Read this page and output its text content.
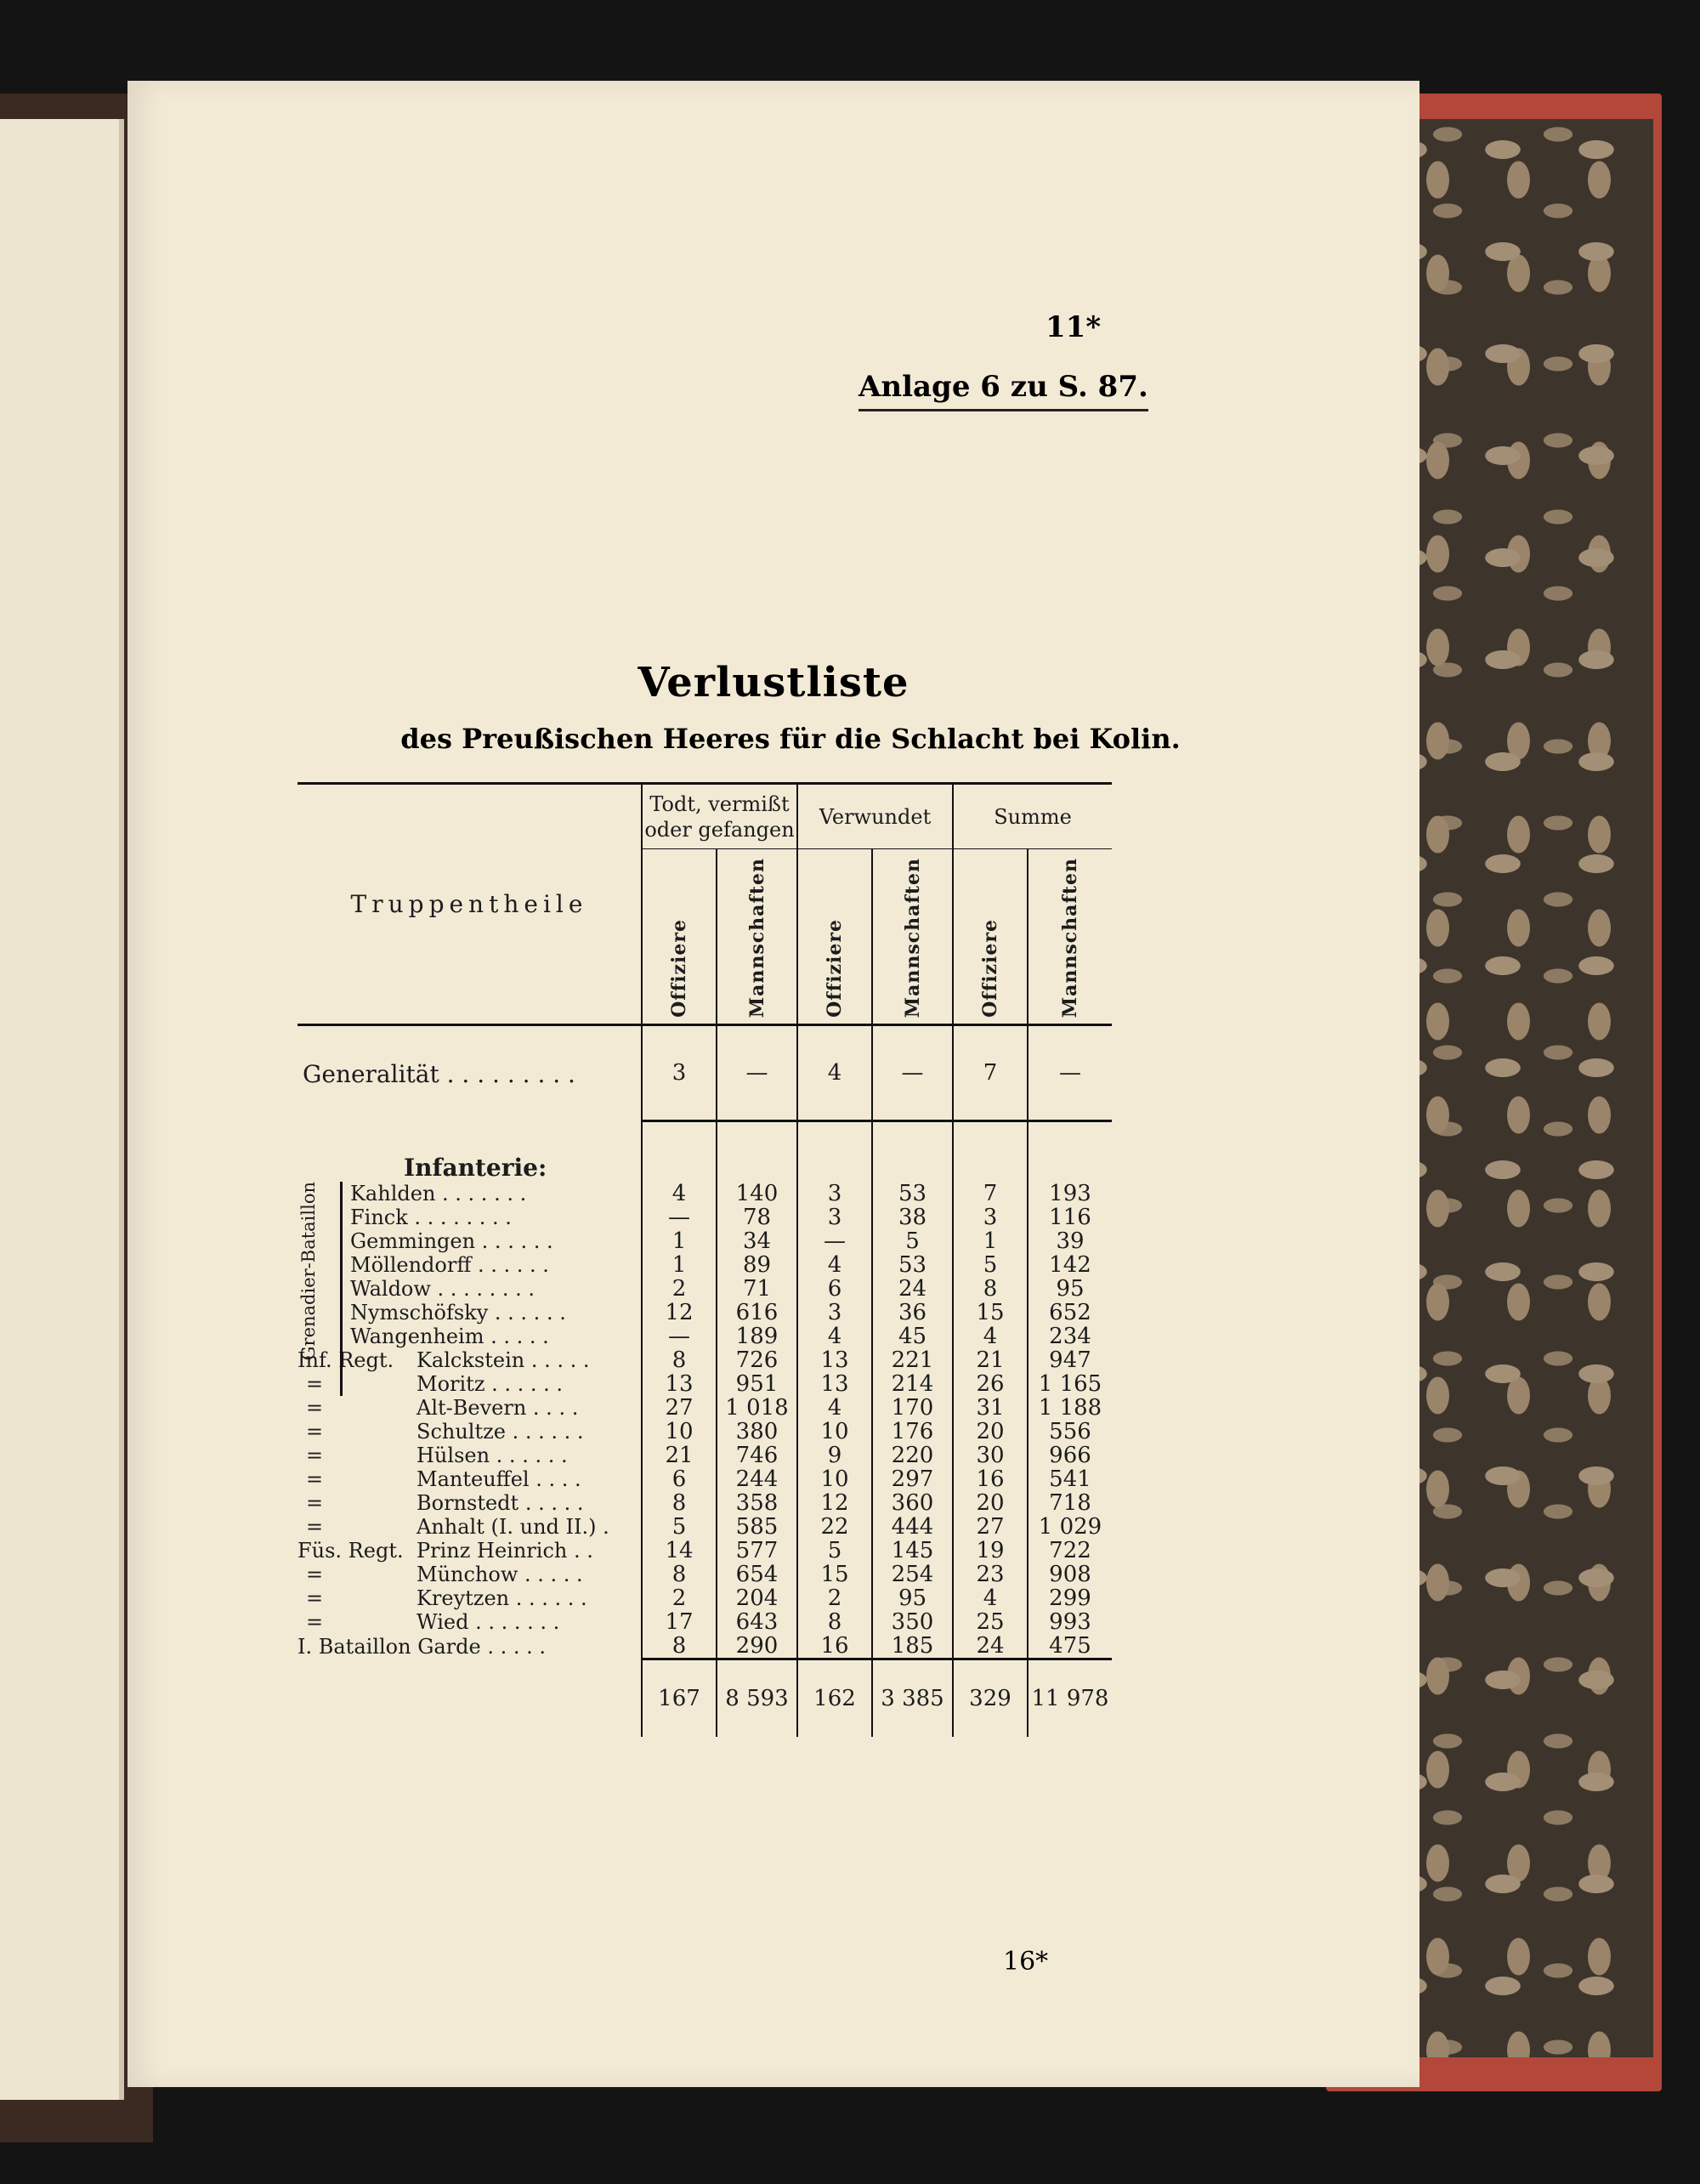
11*
Anlage 6 zu S. 87.
Verlustliste
des Preußischen Heeres für die Schlacht bei Kolin.
Truppentheile	Todt, vermißt oder gefangen		Verwundet		Summe	
	Offiziere	Mannschaften	Offiziere	Mannschaften	Offiziere	Mannschaften
Generalität . . . . . . . . .	3	—	4	—	7	—
Infanterie:						

Grenadier-Bataillon Kahlden . . . . . . .	4	140	3	53	7	193
Finck . . . . . . . .	—	78	3	38	3	116
Gemmingen . . . . . .	1	34	—	5	1	39
Möllendorff . . . . . .	1	89	4	53	5	142
Waldow . . . . . . . .	2	71	6	24	8	95
Nymschöfsky . . . . . .	12	616	3	36	15	652
Wangenheim . . . . .	—	189	4	45	4	234
Inf. Regt. Kalckstein . . . . .	8	726	13	221	21	947
= Moritz . . . . . .	13	951	13	214	26	1 165
= Alt-Bevern . . . .	27	1 018	4	170	31	1 188
= Schultze . . . . . .	10	380	10	176	20	556
= Hülsen . . . . . .	21	746	9	220	30	966
= Manteuffel . . . .	6	244	10	297	16	541
= Bornstedt . . . . .	8	358	12	360	20	718
= Anhalt (I. und II.) .	5	585	22	444	27	1 029
Füs. Regt. Prinz Heinrich . .	14	577	5	145	19	722
= Münchow . . . . .	8	654	15	254	23	908
= Kreytzen . . . . . .	2	204	2	95	4	299
= Wied . . . . . . .	17	643	8	350	25	993
I. Bataillon Garde . . . . .	8	290	16	185	24	475
	167	8 593	162	3 385	329	11 978
16*
